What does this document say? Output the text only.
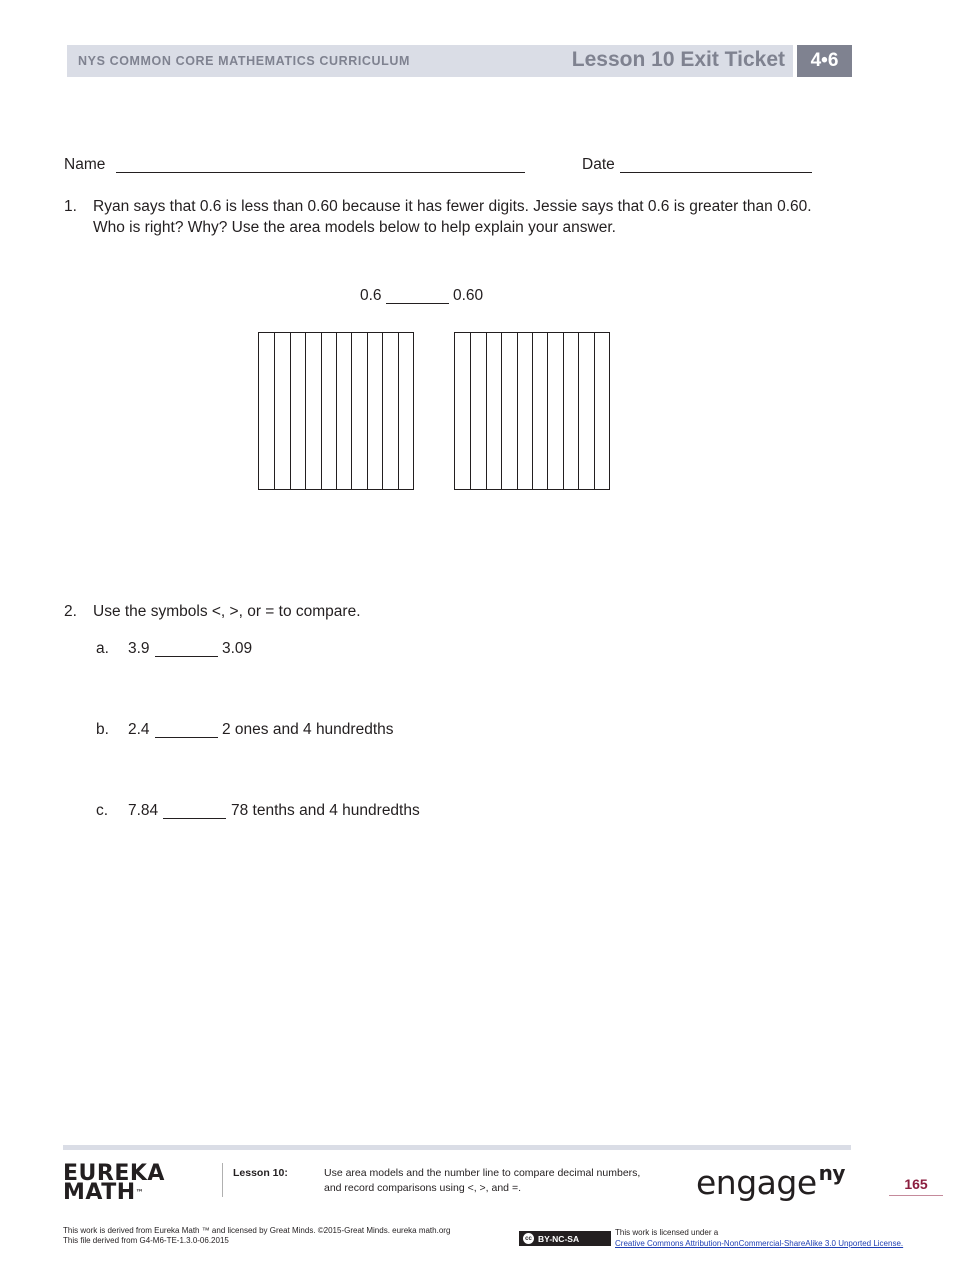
NYS COMMON CORE MATHEMATICS CURRICULUM	Lesson 10 Exit Ticket	4•6
Name	Date
1. Ryan says that 0.6 is less than 0.60 because it has fewer digits. Jessie says that 0.6 is greater than 0.60.
Who is right? Why? Use the area models below to help explain your answer.
0.6	0.60
2. Use the symbols <, >, or = to compare.
a. 3.9	3.09
b. 2.4	2 ones and 4 hundredths
c. 7.84	78 tenths and 4 hundredths
EUREKA
MATH™
Lesson 10:	Use area models and the number line to compare decimal numbers,
and record comparisons using <, >, and =.	engage $^{ny}$	165
This work is derived from Eureka Math ™ and licensed by Great Minds. ©2015-Great Minds. eureka math.org
This file derived from G4-M6-TE-1.3.0-06.2015	cc BY-NC-SA
This work is licensed under a
Creative Commons Attribution-NonCommercial-ShareAlike 3.0 Unported License.
